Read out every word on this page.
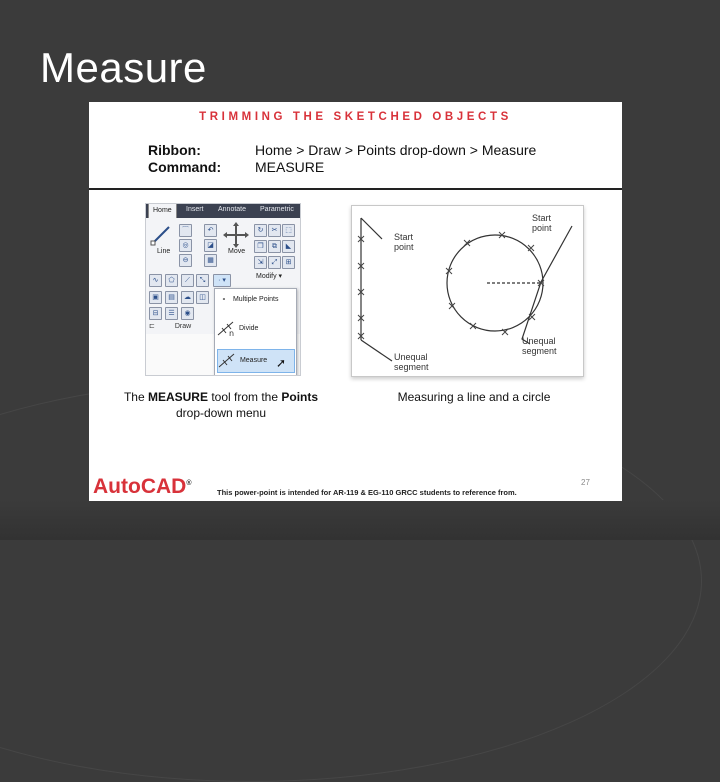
Measure
TRIMMING THE SKETCHED OBJECTS
Ribbon:	Home > Draw > Points drop-down > Measure
Command: MEASURE
Home	Insert Annotate Parametric
Line
⌒	↶
◎	◪
⊖	▦
Move
↻	✂	⬚
❐	⧉	◣
⇲	⤢	⊞
Modify ▾
∿	⬠	⟋	⤡	· ▾
▣	▤	☁	◫
⊟	☰	◉
⊏	Draw
∘ Multiple Points
n
Divide
Measure ➚
Start
point
Start
point
Unequal
segment
Unequal
segment
The MEASURE tool from the Points
drop-down menu
Measuring a line and a circle
AutoCAD®
This power-point is intended for AR-119 & EG-110 GRCC students to reference from.
27
